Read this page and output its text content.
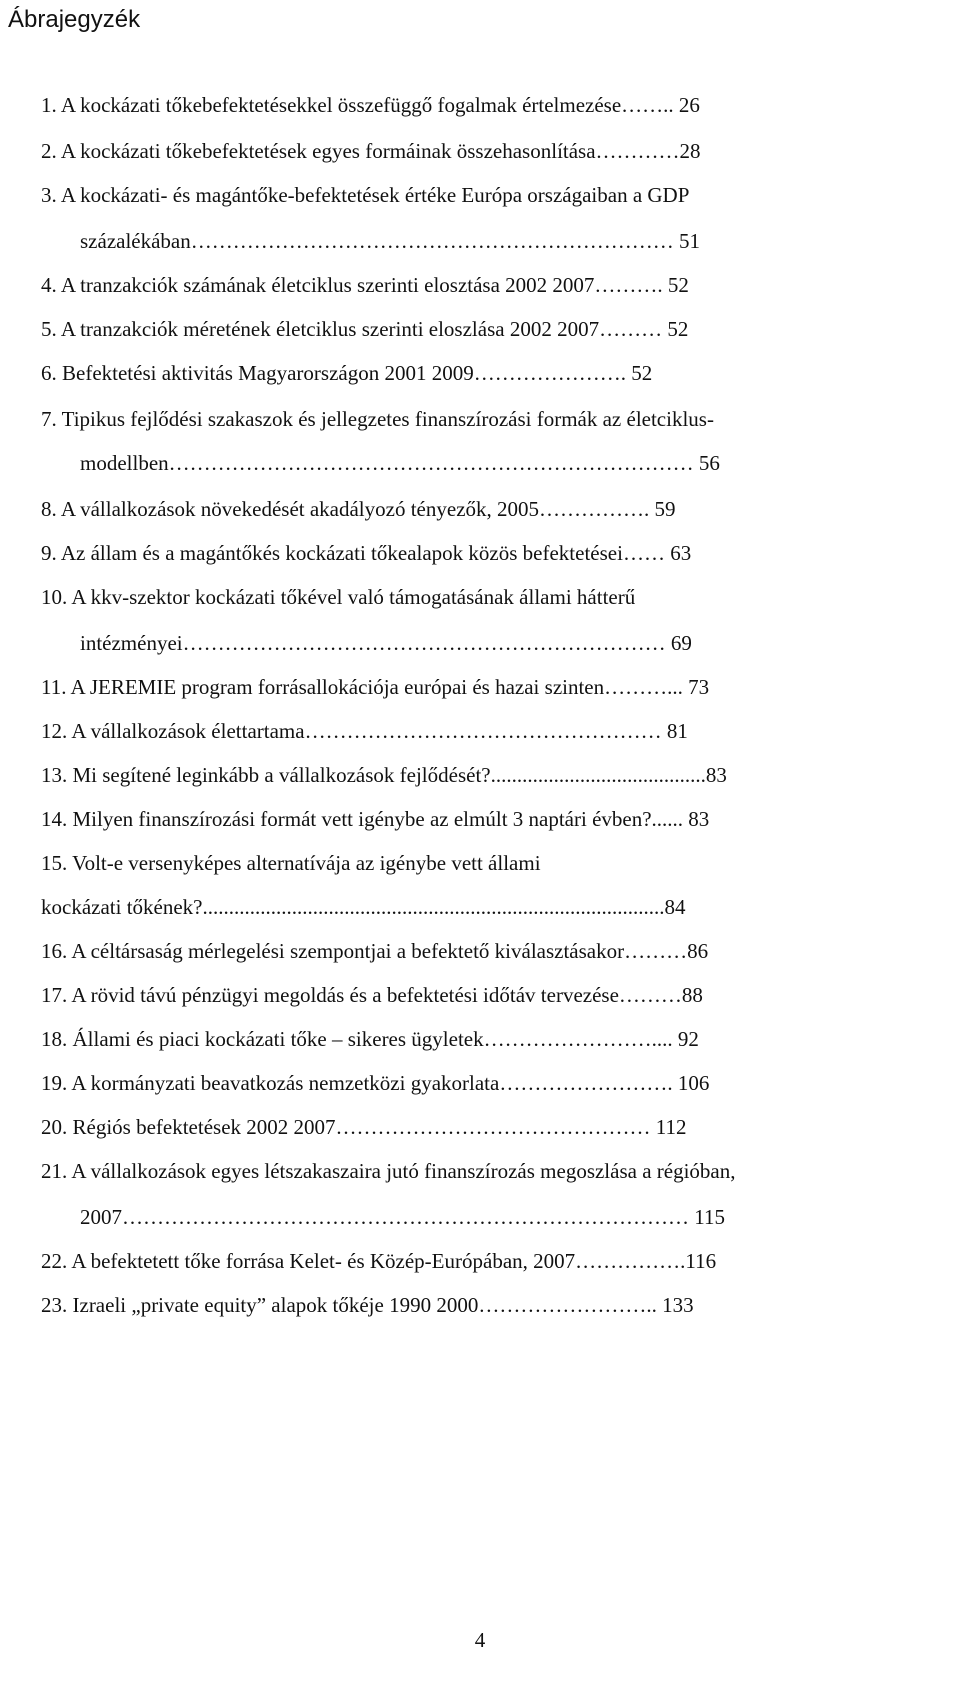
Ábrajegyzék
1. A kockázati tőkebefektetésekkel összefüggő fogalmak értelmezése…….. 26
2. A kockázati tőkebefektetések egyes formáinak összehasonlítása…………28
3. A kockázati- és magántőke-befektetések értéke Európa országaiban a GDP
százalékában…………………………………………………………… 51
4. A tranzakciók számának életciklus szerinti elosztása 2002 2007………. 52
5. A tranzakciók méretének életciklus szerinti eloszlása 2002 2007……… 52
6. Befektetési aktivitás Magyarországon 2001 2009…………………. 52
7. Tipikus fejlődési szakaszok és jellegzetes finanszírozási formák az életciklus-
modellben………………………………………………………………… 56
8. A vállalkozások növekedését akadályozó tényezők, 2005……………. 59
9. Az állam és a magántőkés kockázati tőkealapok közös befektetései…… 63
10. A kkv-szektor kockázati tőkével való támogatásának állami hátterű
intézményei…………………………………………………………… 69
11. A JEREMIE program forrásallokációja európai és hazai szinten………... 73
12. A vállalkozások élettartama…………………………………………… 81
13. Mi segítené leginkább a vállalkozások fejlődését?.........................................83
14. Milyen finanszírozási formát vett igénybe az elmúlt 3 naptári évben?...... 83
15. Volt-e versenyképes alternatívája az igénybe vett állami
kockázati tőkének?........................................................................................84
16. A céltársaság mérlegelési szempontjai a befektető kiválasztásakor………86
17. A rövid távú pénzügyi megoldás és a befektetési időtáv tervezése………88
18. Állami és piaci kockázati tőke – sikeres ügyletek…………………….... 92
19. A kormányzati beavatkozás nemzetközi gyakorlata……………………. 106
20. Régiós befektetések 2002 2007……………………………………… 112
21. A vállalkozások egyes létszakaszaira jutó finanszírozás megoszlása a régióban,
2007……………………………………………………………………… 115
22. A befektetett tőke forrása Kelet- és Közép-Európában, 2007…………….116
23. Izraeli „private equity” alapok tőkéje 1990 2000…………………….. 133
4
